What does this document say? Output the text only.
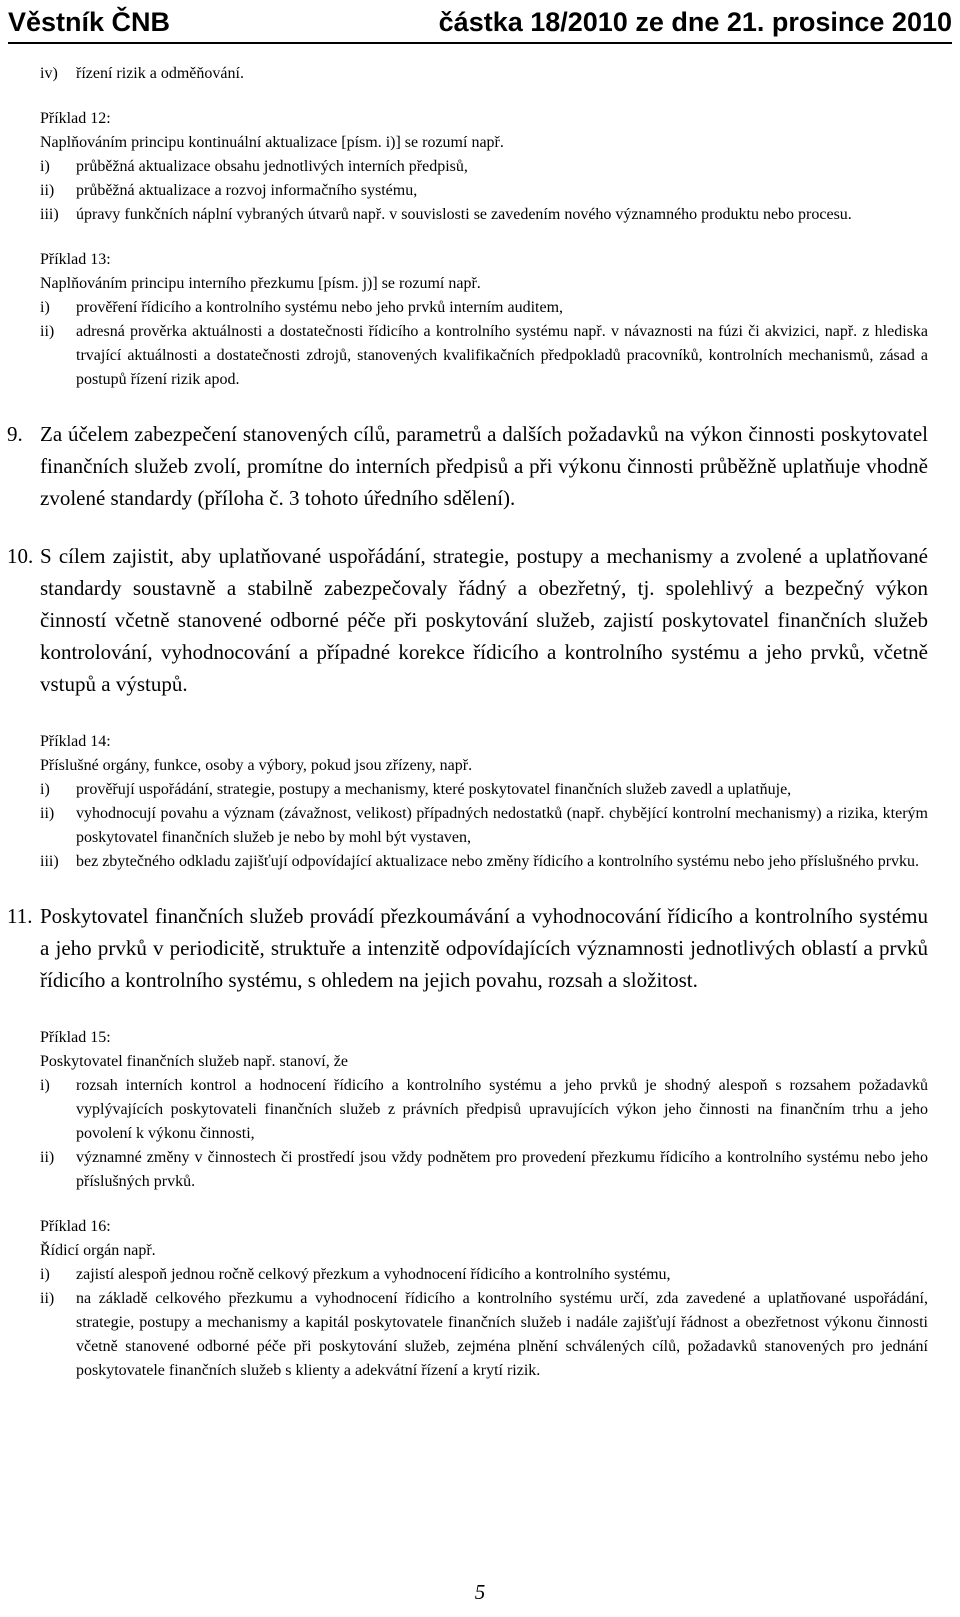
Věstník ČNB	částka 18/2010 ze dne 21. prosince 2010
iv)	řízení rizik a odměňování.
Příklad 12:
Naplňováním principu kontinuální aktualizace [písm. i)] se rozumí např.
i)	průběžná aktualizace obsahu jednotlivých interních předpisů,
ii)	průběžná aktualizace a rozvoj informačního systému,
iii)	úpravy funkčních náplní vybraných útvarů např. v souvislosti se zavedením nového významného produktu nebo procesu.
Příklad 13:
Naplňováním principu interního přezkumu [písm. j)] se rozumí např.
i)	prověření řídicího a kontrolního systému nebo jeho prvků interním auditem,
ii)	adresná prověrka aktuálnosti a dostatečnosti řídicího a kontrolního systému např. v návaznosti na fúzi či akvizici, např. z hlediska trvající aktuálnosti a dostatečnosti zdrojů, stanovených kvalifikačních předpokladů pracovníků, kontrolních mechanismů, zásad a postupů řízení rizik apod.
9. Za účelem zabezpečení stanovených cílů, parametrů a dalších požadavků na výkon činnosti poskytovatel finančních služeb zvolí, promítne do interních předpisů a při výkonu činnosti průběžně uplatňuje vhodně zvolené standardy (příloha č. 3 tohoto úředního sdělení).
10. S cílem zajistit, aby uplatňované uspořádání, strategie, postupy a mechanismy a zvolené a uplatňované standardy soustavně a stabilně zabezpečovaly řádný a obezřetný, tj. spolehlivý a bezpečný výkon činností včetně stanovené odborné péče při poskytování služeb, zajistí poskytovatel finančních služeb kontrolování, vyhodnocování a případné korekce řídicího a kontrolního systému a jeho prvků, včetně vstupů a výstupů.
Příklad 14:
Příslušné orgány, funkce, osoby a výbory, pokud jsou zřízeny, např.
i)	prověřují uspořádání, strategie, postupy a mechanismy, které poskytovatel finančních služeb zavedl a uplatňuje,
ii)	vyhodnocují povahu a význam (závažnost, velikost) případných nedostatků (např. chybějící kontrolní mechanismy) a rizika, kterým poskytovatel finančních služeb je nebo by mohl být vystaven,
iii)	bez zbytečného odkladu zajišťují odpovídající aktualizace nebo změny řídicího a kontrolního systému nebo jeho příslušného prvku.
11. Poskytovatel finančních služeb provádí přezkoumávání a vyhodnocování řídicího a kontrolního systému a jeho prvků v periodicitě, struktuře a intenzitě odpovídajících významnosti jednotlivých oblastí a prvků řídicího a kontrolního systému, s ohledem na jejich povahu, rozsah a složitost.
Příklad 15:
Poskytovatel finančních služeb např. stanoví, že
i)	rozsah interních kontrol a hodnocení řídicího a kontrolního systému a jeho prvků je shodný alespoň s rozsahem požadavků vyplývajících poskytovateli finančních služeb z právních předpisů upravujících výkon jeho činnosti na finančním trhu a jeho povolení k výkonu činnosti,
ii)	významné změny v činnostech či prostředí jsou vždy podnětem pro provedení přezkumu řídicího a kontrolního systému nebo jeho příslušných prvků.
Příklad 16:
Řídicí orgán např.
i)	zajistí alespoň jednou ročně celkový přezkum a vyhodnocení řídicího a kontrolního systému,
ii)	na základě celkového přezkumu a vyhodnocení řídicího a kontrolního systému určí, zda zavedené a uplatňované uspořádání, strategie, postupy a mechanismy a kapitál poskytovatele finančních služeb i nadále zajišťují řádnost a obezřetnost výkonu činnosti včetně stanovené odborné péče při poskytování služeb, zejména plnění schválených cílů, požadavků stanovených pro jednání poskytovatele finančních služeb s klienty a adekvátní řízení a krytí rizik.
5
